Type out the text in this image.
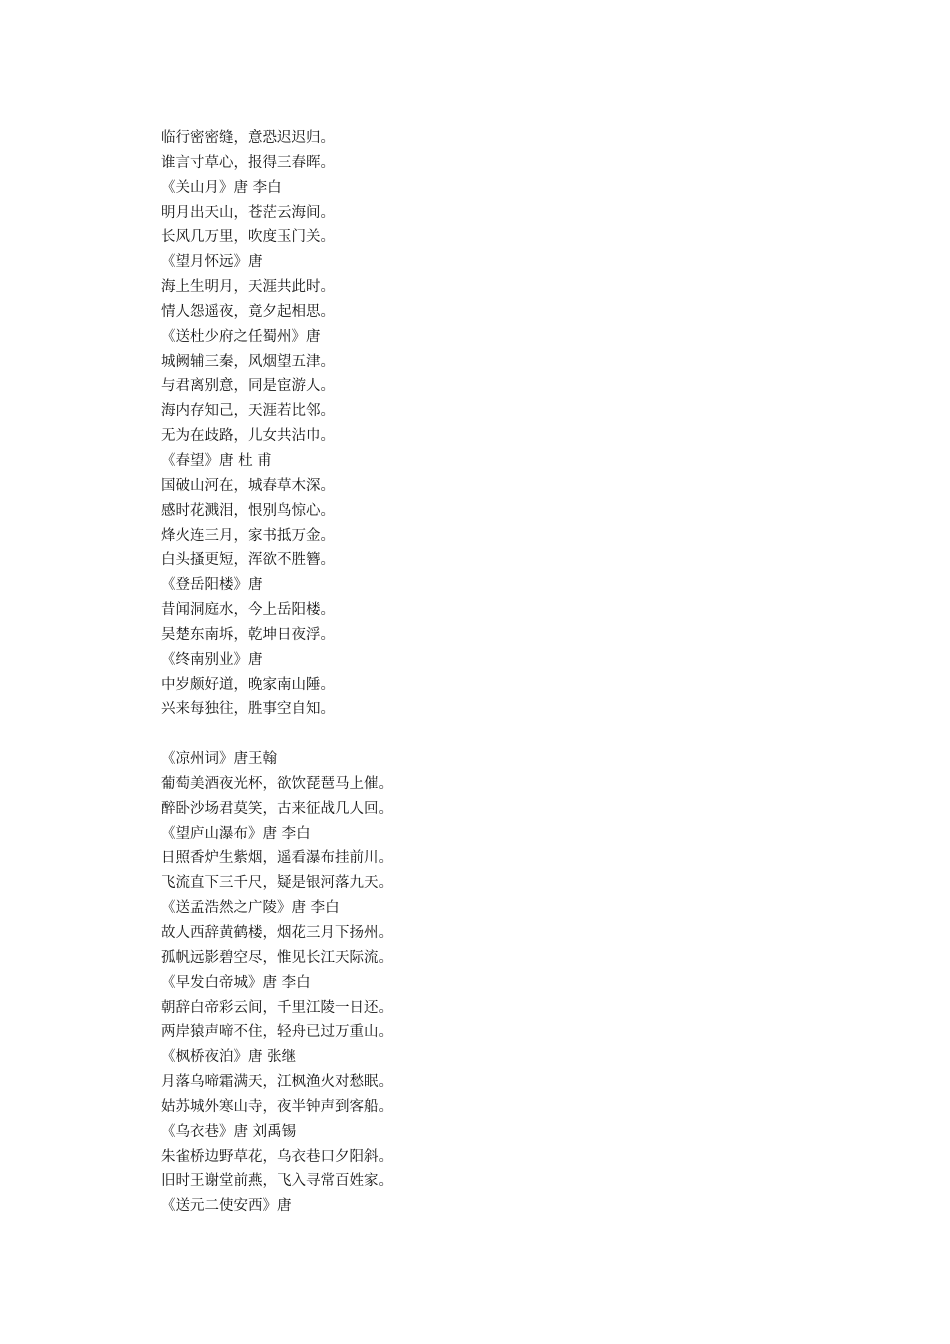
临行密密缝，意恐迟迟归。
谁言寸草心，报得三春晖。
《关山月》唐 李白
明月出天山，苍茫云海间。
长风几万里，吹度玉门关。
《望月怀远》唐
海上生明月，天涯共此时。
情人怨遥夜，竟夕起相思。
《送杜少府之任蜀州》唐
城阙辅三秦，风烟望五津。
与君离别意，同是宦游人。
海内存知己，天涯若比邻。
无为在歧路，儿女共沾巾。
《春望》唐 杜 甫
国破山河在，城春草木深。
感时花溅泪，恨别鸟惊心。
烽火连三月，家书抵万金。
白头搔更短，浑欲不胜簪。
《登岳阳楼》唐
昔闻洞庭水，今上岳阳楼。
吴楚东南坼，乾坤日夜浮。
《终南别业》唐
中岁颇好道，晚家南山陲。
兴来每独往，胜事空自知。
《凉州词》唐王翰
葡萄美酒夜光杯，欲饮琵琶马上催。
醉卧沙场君莫笑，古来征战几人回。
《望庐山瀑布》唐 李白
日照香炉生紫烟，遥看瀑布挂前川。
飞流直下三千尺，疑是银河落九天。
《送孟浩然之广陵》唐 李白
故人西辞黄鹤楼，烟花三月下扬州。
孤帆远影碧空尽，惟见长江天际流。
《早发白帝城》唐 李白
朝辞白帝彩云间，千里江陵一日还。
两岸猿声啼不住，轻舟已过万重山。
《枫桥夜泊》唐 张继
月落乌啼霜满天，江枫渔火对愁眠。
姑苏城外寒山寺，夜半钟声到客船。
《乌衣巷》唐 刘禹锡
朱雀桥边野草花，乌衣巷口夕阳斜。
旧时王谢堂前燕，飞入寻常百姓家。
《送元二使安西》唐
